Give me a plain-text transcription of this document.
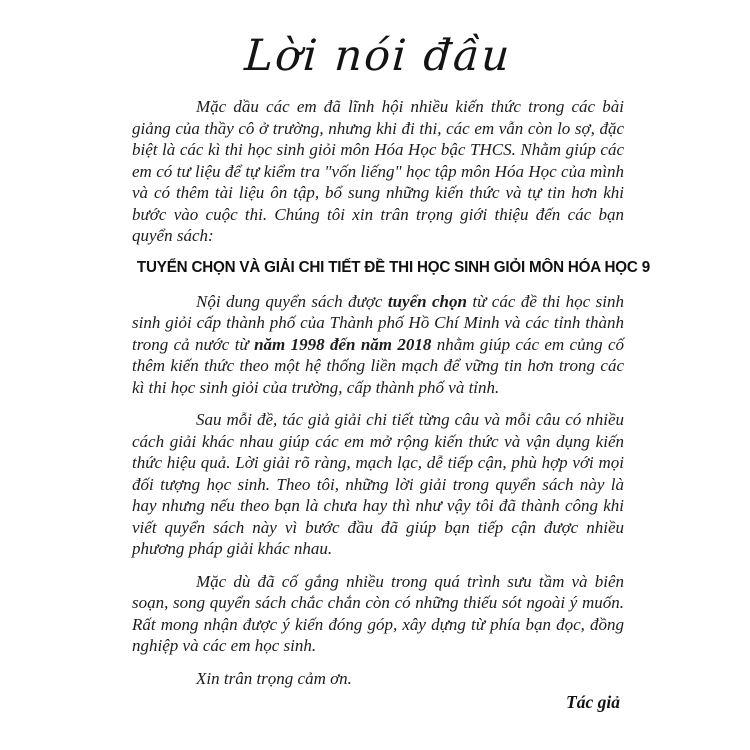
Lời nói đầu

Mặc dầu các em đã lĩnh hội nhiều kiến thức trong các bài giảng của thầy cô ở trường, nhưng khi đi thi, các em vẫn còn lo sợ, đặc biệt là các kì thi học sinh giỏi môn Hóa Học bậc THCS. Nhằm giúp các em có tư liệu để tự kiểm tra "vốn liếng" học tập môn Hóa Học của mình và có thêm tài liệu ôn tập, bổ sung những kiến thức và tự tin hơn khi bước vào cuộc thi. Chúng tôi xin trân trọng giới thiệu đến các bạn quyển sách:

TUYỂN CHỌN VÀ GIẢI CHI TIẾT ĐỀ THI HỌC SINH GIỎI MÔN HÓA HỌC 9

Nội dung quyển sách được tuyển chọn từ các đề thi học sinh sinh giỏi cấp thành phố của Thành phố Hồ Chí Minh và các tỉnh thành trong cả nước từ năm 1998 đến năm 2018 nhằm giúp các em củng cố thêm kiến thức theo một hệ thống liền mạch để vững tin hơn trong các kì thi học sinh giỏi của trường, cấp thành phố và tỉnh.

Sau mỗi đề, tác giả giải chi tiết từng câu và mỗi câu có nhiều cách giải khác nhau giúp các em mở rộng kiến thức và vận dụng kiến thức hiệu quả. Lời giải rõ ràng, mạch lạc, dễ tiếp cận, phù hợp với mọi đối tượng học sinh. Theo tôi, những lời giải trong quyển sách này là hay nhưng nếu theo bạn là chưa hay thì như vậy tôi đã thành công khi viết quyển sách này vì bước đầu đã giúp bạn tiếp cận được nhiều phương pháp giải khác nhau.

Mặc dù đã cố gắng nhiều trong quá trình sưu tầm và biên soạn, song quyển sách chắc chắn còn có những thiếu sót ngoài ý muốn. Rất mong nhận được ý kiến đóng góp, xây dựng từ phía bạn đọc, đồng nghiệp và các em học sinh.

Xin trân trọng cảm ơn.

Tác giả
